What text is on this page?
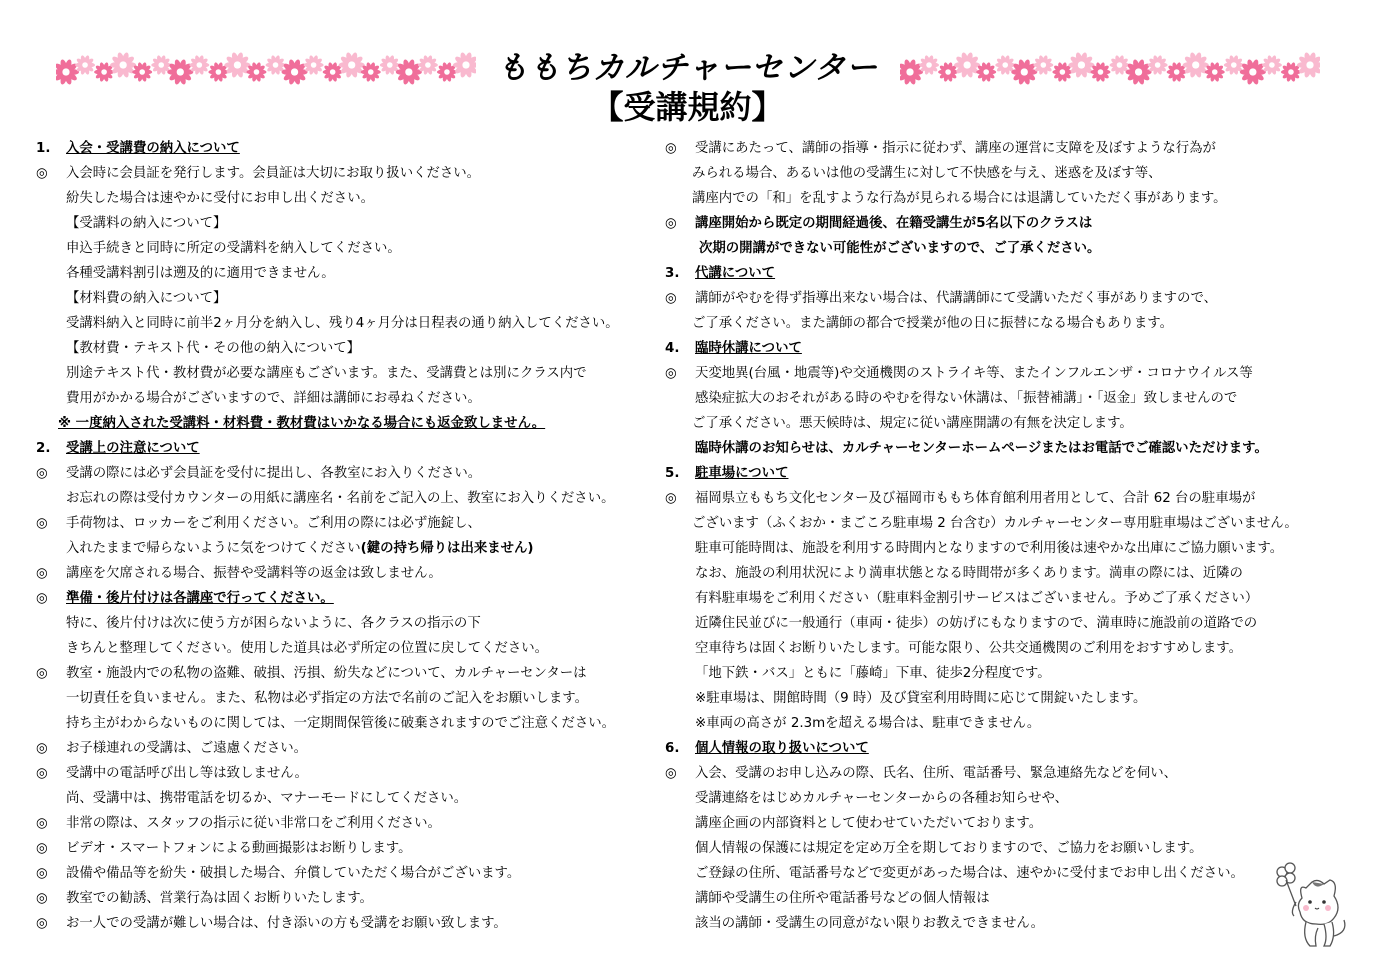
ももちカルチャーセンター
【受講規約】
1. 入会・受講費の納入について
◎ 入会時に会員証を発行します。会員証は大切にお取り扱いください。
紛失した場合は速やかに受付にお申し出ください。
【受講料の納入について】
申込手続きと同時に所定の受講料を納入してください。
各種受講料割引は遡及的に適用できません。
【材料費の納入について】
受講料納入と同時に前半2ヶ月分を納入し、残り4ヶ月分は日程表の通り納入してください。
【教材費・テキスト代・その他の納入について】
別途テキスト代・教材費が必要な講座もございます。また、受講費とは別にクラス内で
費用がかかる場合がございますので、詳細は講師にお尋ねください。
※ 一度納入された受講料・材料費・教材費はいかなる場合にも返金致しません。
2. 受講上の注意について
◎ 受講の際には必ず会員証を受付に提出し、各教室にお入りください。
お忘れの際は受付カウンターの用紙に講座名・名前をご記入の上、教室にお入りください。
◎ 手荷物は、ロッカーをご利用ください。ご利用の際には必ず施錠し、
入れたままで帰らないように気をつけてください(鍵の持ち帰りは出来ません)
◎ 講座を欠席される場合、振替や受講料等の返金は致しません。
◎ 準備・後片付けは各講座で行ってください。
特に、後片付けは次に使う方が困らないように、各クラスの指示の下
きちんと整理してください。使用した道具は必ず所定の位置に戻してください。
◎ 教室・施設内での私物の盗難、破損、汚損、紛失などについて、カルチャーセンターは
一切責任を負いません。また、私物は必ず指定の方法で名前のご記入をお願いします。
持ち主がわからないものに関しては、一定期間保管後に破棄されますのでご注意ください。
◎ お子様連れの受講は、ご遠慮ください。
◎ 受講中の電話呼び出し等は致しません。
尚、受講中は、携帯電話を切るか、マナーモードにしてください。
◎ 非常の際は、スタッフの指示に従い非常口をご利用ください。
◎ ビデオ・スマートフォンによる動画撮影はお断りします。
◎ 設備や備品等を紛失・破損した場合、弁償していただく場合がございます。
◎ 教室での勧誘、営業行為は固くお断りいたします。
◎ お一人での受講が難しい場合は、付き添いの方も受講をお願い致します。
◎ 受講にあたって、講師の指導・指示に従わず、講座の運営に支障を及ぼすような行為が
みられる場合、あるいは他の受講生に対して不快感を与え、迷惑を及ぼす等、
講座内での「和」を乱すような行為が見られる場合には退講していただく事があります。
◎ 講座開始から既定の期間経過後、在籍受講生が5名以下のクラスは
次期の開講ができない可能性がございますので、ご了承ください。
3. 代講について
◎ 講師がやむを得ず指導出来ない場合は、代講講師にて受講いただく事がありますので、
ご了承ください。また講師の都合で授業が他の日に振替になる場合もあります。
4. 臨時休講について
◎ 天変地異(台風・地震等)や交通機関のストライキ等、またインフルエンザ・コロナウイルス等
感染症拡大のおそれがある時のやむを得ない休講は、「振替補講」・「返金」致しませんので
ご了承ください。悪天候時は、規定に従い講座開講の有無を決定します。
臨時休講のお知らせは、カルチャーセンターホームページまたはお電話でご確認いただけます。
5. 駐車場について
◎ 福岡県立ももち文化センター及び福岡市ももち体育館利用者用として、合計 62 台の駐車場が
ございます（ふくおか・まごころ駐車場 2 台含む）カルチャーセンター専用駐車場はございません。
駐車可能時間は、施設を利用する時間内となりますので利用後は速やかな出庫にご協力願います。
なお、施設の利用状況により満車状態となる時間帯が多くあります。満車の際には、近隣の
有料駐車場をご利用ください（駐車料金割引サービスはございません。予めご了承ください）
近隣住民並びに一般通行（車両・徒歩）の妨げにもなりますので、満車時に施設前の道路での
空車待ちは固くお断りいたします。可能な限り、公共交通機関のご利用をおすすめします。
「地下鉄・バス」ともに「藤崎」下車、徒歩2分程度です。
※駐車場は、開館時間（9 時）及び貸室利用時間に応じて開錠いたします。
※車両の高さが 2.3mを超える場合は、駐車できません。
6. 個人情報の取り扱いについて
◎ 入会、受講のお申し込みの際、氏名、住所、電話番号、緊急連絡先などを伺い、
受講連絡をはじめカルチャーセンターからの各種お知らせや、
講座企画の内部資料として使わせていただいております。
個人情報の保護には規定を定め万全を期しておりますので、ご協力をお願いします。
ご登録の住所、電話番号などで変更があった場合は、速やかに受付までお申し出ください。
講師や受講生の住所や電話番号などの個人情報は
該当の講師・受講生の同意がない限りお教えできません。
